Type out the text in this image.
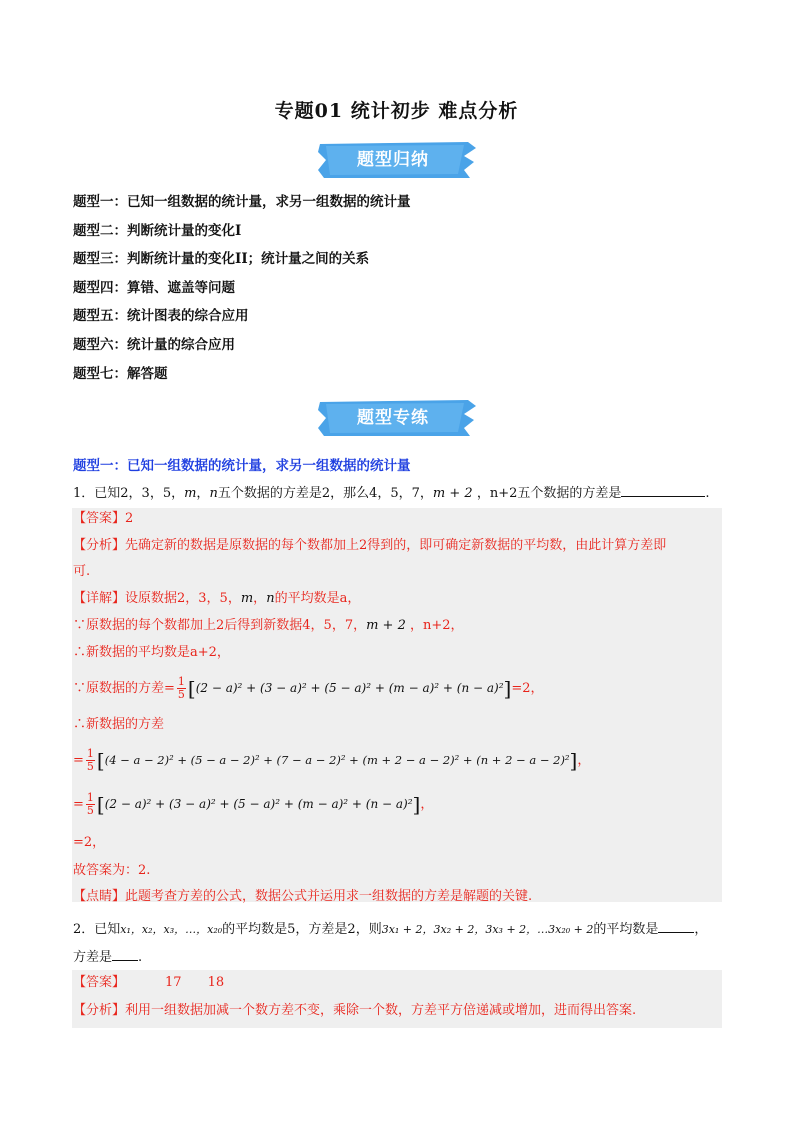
专题01 统计初步 难点分析
题型归纳
题型一：已知一组数据的统计量，求另一组数据的统计量
题型二：判断统计量的变化I
题型三：判断统计量的变化II；统计量之间的关系
题型四：算错、遮盖等问题
题型五：统计图表的综合应用
题型六：统计量的综合应用
题型七：解答题
题型专练
题型一：已知一组数据的统计量，求另一组数据的统计量
1．已知2，3，5，m，n五个数据的方差是2，那么4，5，7，m + 2 ，n+2五个数据的方差是	.
【答案】2
【分析】先确定新的数据是原数据的每个数都加上2得到的，即可确定新数据的平均数，由此计算方差即
可.
【详解】设原数据2，3，5，m，n的平均数是a，
∵原数据的每个数都加上2后得到新数据4，5，7，m + 2 ，n+2，
∴新数据的平均数是a+2，
∵原数据的方差= $\frac{1}{5} [(2 - a)^2 + (3 - a)^2 + (5 - a)^2 + (m - a)^2 + (n - a)^2]=2$，
∴新数据的方差
= $\frac{1}{5} [(4 - a - 2)^2 + (5 - a - 2)^2 + (7 - a - 2)^2 + (m + 2 - a - 2)^2 + (n + 2 - a - 2)^2]$，
= $\frac{1}{5} [(2 - a)^2 + (3 - a)^2 + (5 - a)^2 + (m - a)^2 + (n - a)^2]$，
=2，
故答案为：2.
【点睛】此题考查方差的公式，数据公式并运用求一组数据的方差是解题的关键.
2．已知x₁，x₂，x₃，…，x₂₀的平均数是5，方差是2，则3x₁ + 2，3x₂ + 2，3x₃ + 2，…3x₂₀ + 2的平均数是	，
方差是 .
【答案】	17 18
【分析】利用一组数据加减一个数方差不变，乘除一个数，方差平方倍递减或增加，进而得出答案.
